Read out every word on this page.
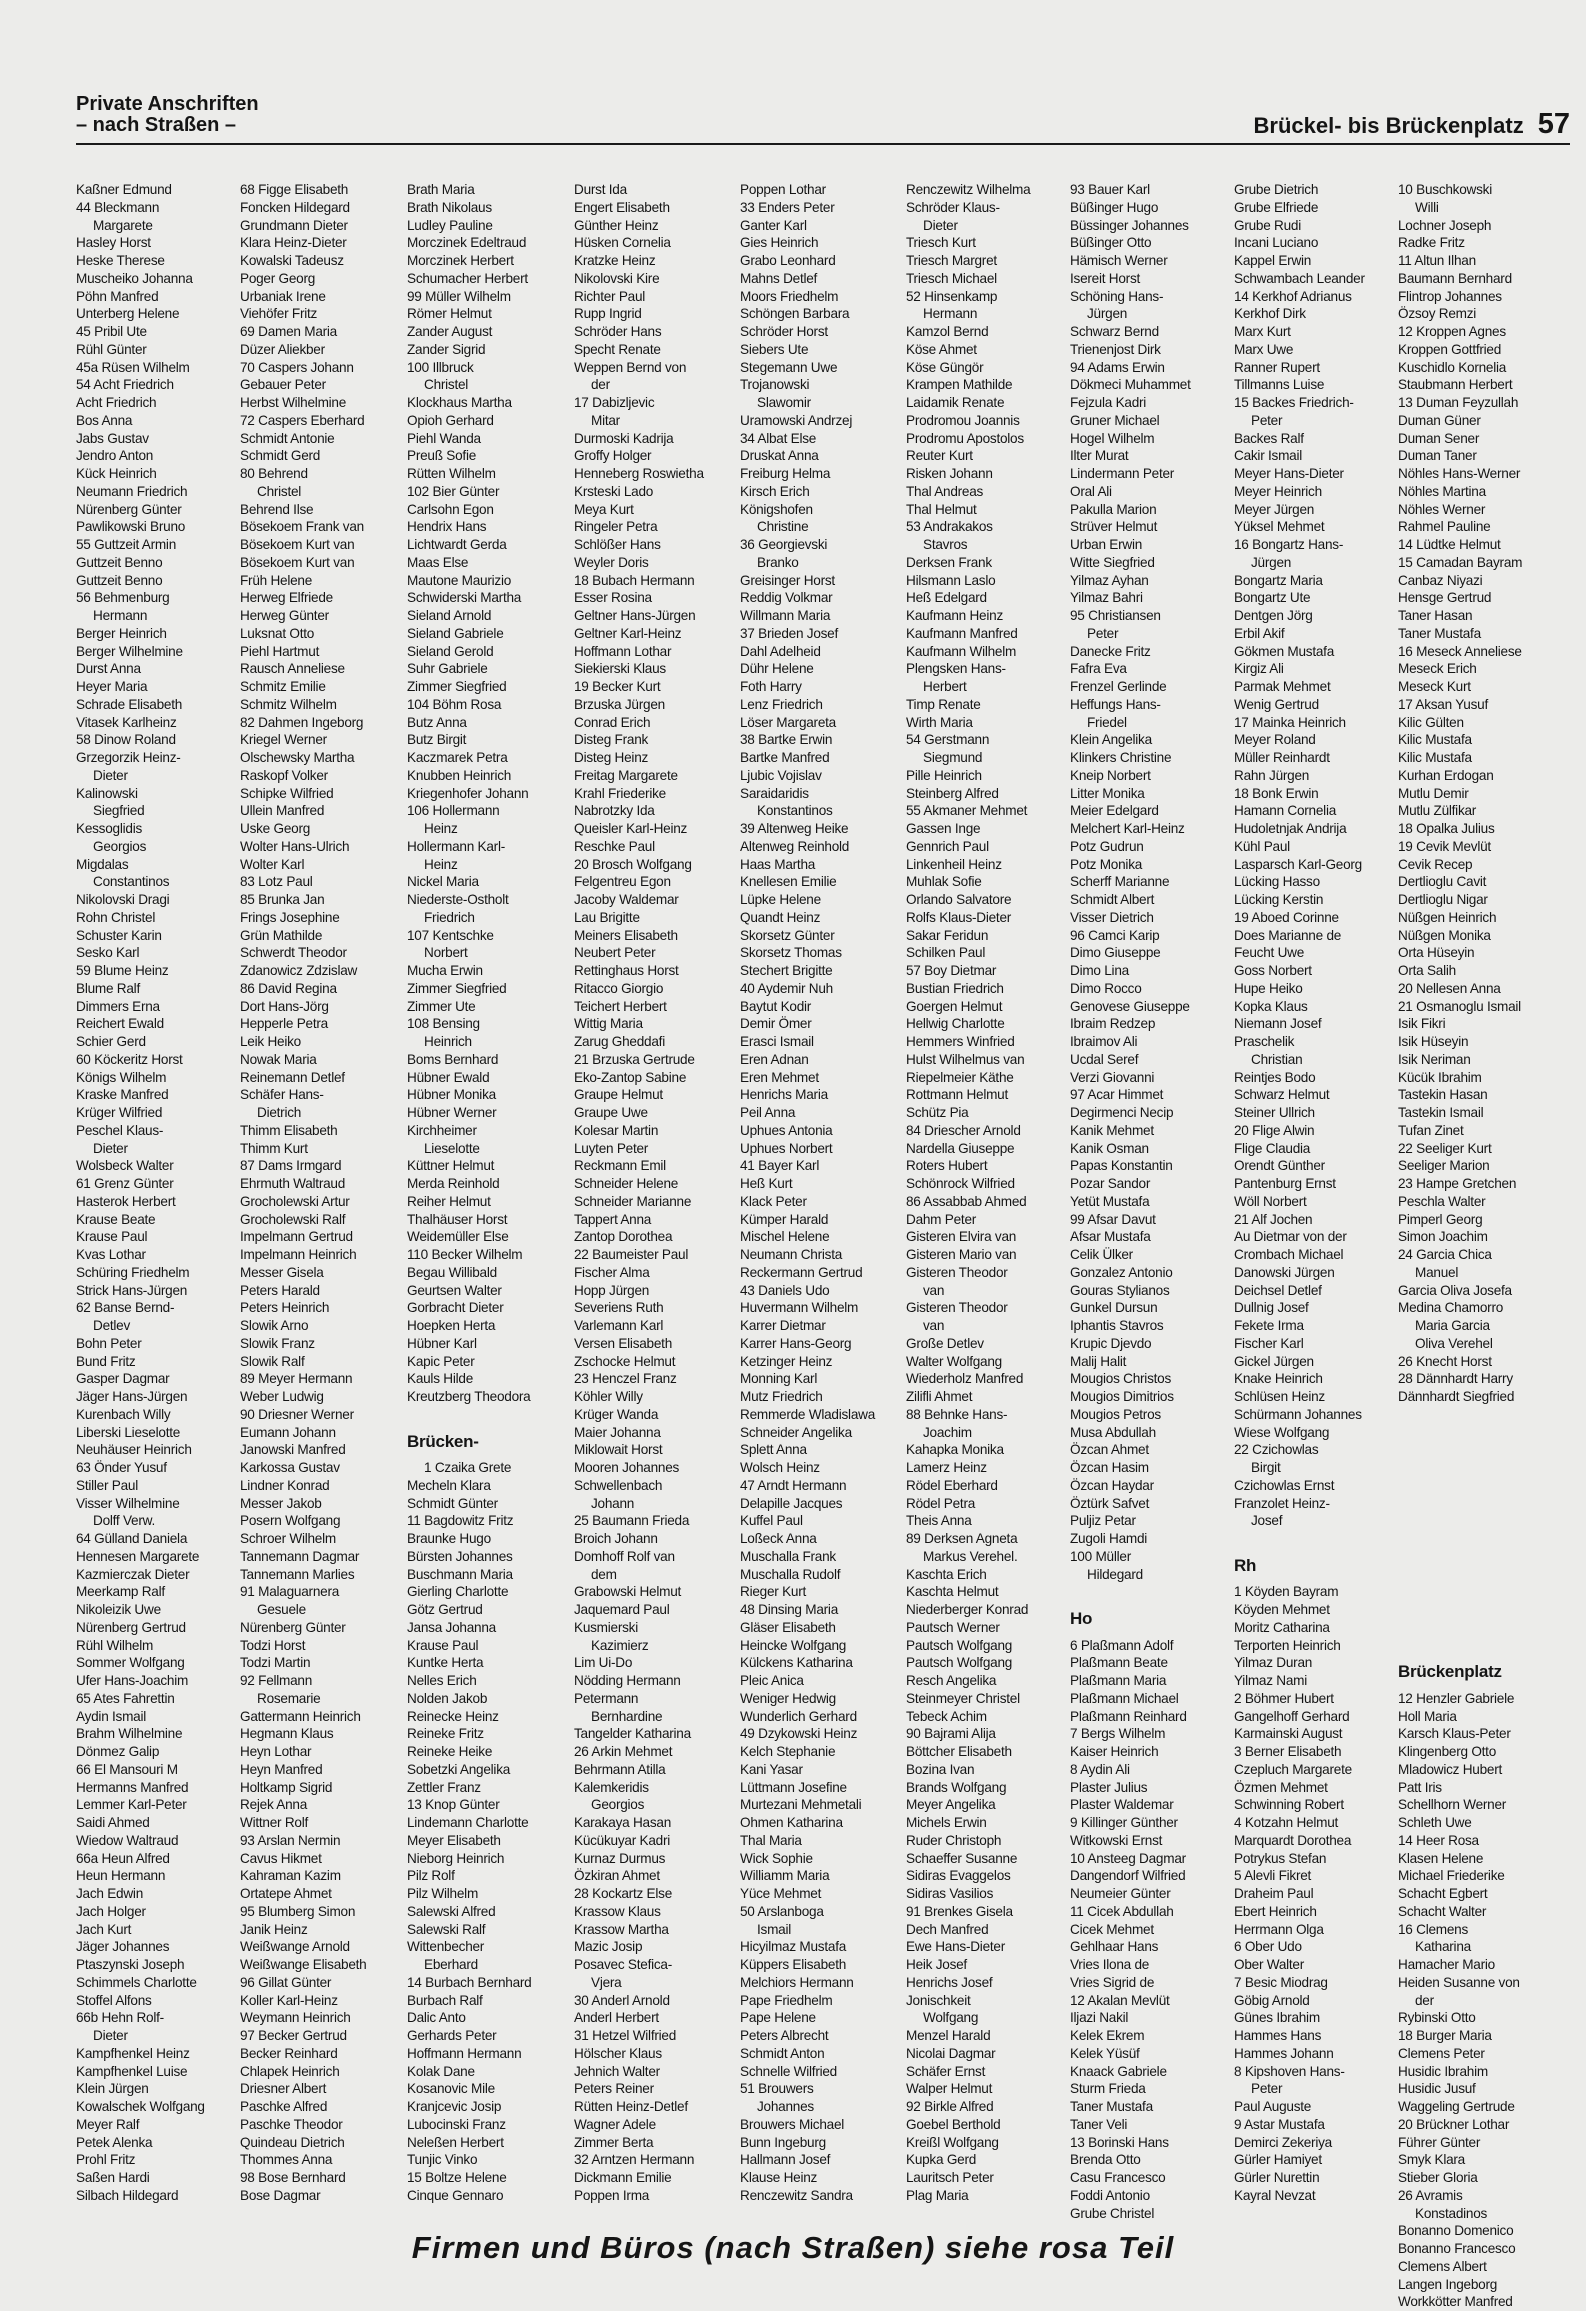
Private Anschriften
– nach Straßen –	Brückel- bis Brückenplatz 57
Kaßner Edmund
44 Bleckmann
Margarete
Hasley Horst
Heske Therese
Muscheiko Johanna
Pöhn Manfred
Unterberg Helene
45 Pribil Ute
Rühl Günter
45a Rüsen Wilhelm
54 Acht Friedrich
Acht Friedrich
Bos Anna
Jabs Gustav
Jendro Anton
Kück Heinrich
Neumann Friedrich
Nürenberg Günter
Pawlikowski Bruno
55 Guttzeit Armin
Guttzeit Benno
Guttzeit Benno
56 Behmenburg
Hermann
Berger Heinrich
Berger Wilhelmine
Durst Anna
Heyer Maria
Schrade Elisabeth
Vitasek Karlheinz
58 Dinow Roland
Grzegorzik Heinz-
Dieter
Kalinowski
Siegfried
Kessoglidis
Georgios
Migdalas
Constantinos
Nikolovski Dragi
Rohn Christel
Schuster Karin
Sesko Karl
59 Blume Heinz
Blume Ralf
Dimmers Erna
Reichert Ewald
Schier Gerd
60 Köckeritz Horst
Königs Wilhelm
Kraske Manfred
Krüger Wilfried
Peschel Klaus-
Dieter
Wolsbeck Walter
61 Grenz Günter
Hasterok Herbert
Krause Beate
Krause Paul
Kvas Lothar
Schüring Friedhelm
Strick Hans-Jürgen
62 Banse Bernd-
Detlev
Bohn Peter
Bund Fritz
Gasper Dagmar
Jäger Hans-Jürgen
Kurenbach Willy
Liberski Lieselotte
Neuhäuser Heinrich
63 Önder Yusuf
Stiller Paul
Visser Wilhelmine
Dolff Verw.
64 Gülland Daniela
Hennesen Margarete
Kazmierczak Dieter
Meerkamp Ralf
Nikoleizik Uwe
Nürenberg Gertrud
Rühl Wilhelm
Sommer Wolfgang
Ufer Hans-Joachim
65 Ates Fahrettin
Aydin Ismail
Brahm Wilhelmine
Dönmez Galip
66 El Mansouri M
Hermanns Manfred
Lemmer Karl-Peter
Saidi Ahmed
Wiedow Waltraud
66a Heun Alfred
Heun Hermann
Jach Edwin
Jach Holger
Jach Kurt
Jäger Johannes
Ptaszynski Joseph
Schimmels Charlotte
Stoffel Alfons
66b Hehn Rolf-
Dieter
Kampfhenkel Heinz
Kampfhenkel Luise
Klein Jürgen
Kowalschek Wolfgang
Meyer Ralf
Petek Alenka
Prohl Fritz
Saßen Hardi
Silbach Hildegard
68 Figge Elisabeth
Foncken Hildegard
Grundmann Dieter
Klara Heinz-Dieter
Kowalski Tadeusz
Poger Georg
Urbaniak Irene
Viehöfer Fritz
69 Damen Maria
Düzer Aliekber
70 Caspers Johann
Gebauer Peter
Herbst Wilhelmine
72 Caspers Eberhard
Schmidt Antonie
Schmidt Gerd
80 Behrend
Christel
Behrend Ilse
Bösekoem Frank van
Bösekoem Kurt van
Bösekoem Kurt van
Früh Helene
Herweg Elfriede
Herweg Günter
Luksnat Otto
Piehl Hartmut
Rausch Anneliese
Schmitz Emilie
Schmitz Wilhelm
82 Dahmen Ingeborg
Kriegel Werner
Olschewsky Martha
Raskopf Volker
Schipke Wilfried
Ullein Manfred
Uske Georg
Wolter Hans-Ulrich
Wolter Karl
83 Lotz Paul
85 Brunka Jan
Frings Josephine
Grün Mathilde
Schwerdt Theodor
Zdanowicz Zdzislaw
86 David Regina
Dort Hans-Jörg
Hepperle Petra
Leik Heiko
Nowak Maria
Reinemann Detlef
Schäfer Hans-
Dietrich
Thimm Elisabeth
Thimm Kurt
87 Dams Irmgard
Ehrmuth Waltraud
Grocholewski Artur
Grocholewski Ralf
Impelmann Gertrud
Impelmann Heinrich
Messer Gisela
Peters Harald
Peters Heinrich
Slowik Arno
Slowik Franz
Slowik Ralf
89 Meyer Hermann
Weber Ludwig
90 Driesner Werner
Eumann Johann
Janowski Manfred
Karkossa Gustav
Lindner Konrad
Messer Jakob
Posern Wolfgang
Schroer Wilhelm
Tannemann Dagmar
Tannemann Marlies
91 Malaguarnera
Gesuele
Nürenberg Günter
Todzi Horst
Todzi Martin
92 Fellmann
Rosemarie
Gattermann Heinrich
Hegmann Klaus
Heyn Lothar
Heyn Manfred
Holtkamp Sigrid
Rejek Anna
Wittner Rolf
93 Arslan Nermin
Cavus Hikmet
Kahraman Kazim
Ortatepe Ahmet
95 Blumberg Simon
Janik Heinz
Weißwange Arnold
Weißwange Elisabeth
96 Gillat Günter
Koller Karl-Heinz
Weymann Heinrich
97 Becker Gertrud
Becker Reinhard
Chlapek Heinrich
Driesner Albert
Paschke Alfred
Paschke Theodor
Quindeau Dietrich
Thommes Anna
98 Bose Bernhard
Bose Dagmar
Brath Maria
Brath Nikolaus
Ludley Pauline
Morczinek Edeltraud
Morczinek Herbert
Schumacher Herbert
99 Müller Wilhelm
Römer Helmut
Zander August
Zander Sigrid
100 Illbruck
Christel
Klockhaus Martha
Opioh Gerhard
Piehl Wanda
Preuß Sofie
Rütten Wilhelm
102 Bier Günter
Carlsohn Egon
Hendrix Hans
Lichtwardt Gerda
Maas Else
Mautone Maurizio
Schwiderski Martha
Sieland Arnold
Sieland Gabriele
Sieland Gerold
Suhr Gabriele
Zimmer Siegfried
104 Böhm Rosa
Butz Anna
Butz Birgit
Kaczmarek Petra
Knubben Heinrich
Kriegenhofer Johann
106 Hollermann
Heinz
Hollermann Karl-
Heinz
Nickel Maria
Niederste-Ostholt
Friedrich
107 Kentschke
Norbert
Mucha Erwin
Zimmer Siegfried
Zimmer Ute
108 Bensing
Heinrich
Boms Bernhard
Hübner Ewald
Hübner Monika
Hübner Werner
Kirchheimer
Lieselotte
Küttner Helmut
Merda Reinhold
Reiher Helmut
Thalhäuser Horst
Weidemüller Else
110 Becker Wilhelm
Begau Willibald
Geurtsen Walter
Gorbracht Dieter
Hoepken Herta
Hübner Karl
Kapic Peter
Kauls Hilde
Kreutzberg Theodora
Brücken-
1 Czaika Grete
Mecheln Klara
Schmidt Günter
11 Bagdowitz Fritz
Braunke Hugo
Bürsten Johannes
Buschmann Maria
Gierling Charlotte
Götz Gertrud
Jansa Johanna
Krause Paul
Kuntke Herta
Nelles Erich
Nolden Jakob
Reinecke Heinz
Reineke Fritz
Reineke Heike
Sobetzki Angelika
Zettler Franz
13 Knop Günter
Lindemann Charlotte
Meyer Elisabeth
Nieborg Heinrich
Pilz Rolf
Pilz Wilhelm
Salewski Alfred
Salewski Ralf
Wittenbecher
Eberhard
14 Burbach Bernhard
Burbach Ralf
Dalic Anto
Gerhards Peter
Hoffmann Hermann
Kolak Dane
Kosanovic Mile
Kranjcevic Josip
Lubocinski Franz
Neleßen Herbert
Tunjic Vinko
15 Boltze Helene
Cinque Gennaro
Durst Ida
Engert Elisabeth
Günther Heinz
Hüsken Cornelia
Kratzke Heinz
Nikolovski Kire
Richter Paul
Rupp Ingrid
Schröder Hans
Specht Renate
Weppen Bernd von
der
17 Dabizljevic
Mitar
Durmoski Kadrija
Groffy Holger
Henneberg Roswietha
Krsteski Lado
Meya Kurt
Ringeler Petra
Schlößer Hans
Weyler Doris
18 Bubach Hermann
Esser Rosina
Geltner Hans-Jürgen
Geltner Karl-Heinz
Hoffmann Lothar
Siekierski Klaus
19 Becker Kurt
Brzuska Jürgen
Conrad Erich
Disteg Frank
Disteg Heinz
Freitag Margarete
Krahl Friederike
Nabrotzky Ida
Queisler Karl-Heinz
Reschke Paul
20 Brosch Wolfgang
Felgentreu Egon
Jacoby Waldemar
Lau Brigitte
Meiners Elisabeth
Neubert Peter
Rettinghaus Horst
Ritacco Giorgio
Teichert Herbert
Wittig Maria
Zarug Gheddafi
21 Brzuska Gertrude
Eko-Zantop Sabine
Graupe Helmut
Graupe Uwe
Kolesar Martin
Luyten Peter
Reckmann Emil
Schneider Helene
Schneider Marianne
Tappert Anna
Zantop Dorothea
22 Baumeister Paul
Fischer Alma
Hopp Jürgen
Severiens Ruth
Varlemann Karl
Versen Elisabeth
Zschocke Helmut
23 Henczel Franz
Köhler Willy
Krüger Wanda
Maier Johanna
Miklowait Horst
Mooren Johannes
Schwellenbach
Johann
25 Baumann Frieda
Broich Johann
Domhoff Rolf van
dem
Grabowski Helmut
Jaquemard Paul
Kusmierski
Kazimierz
Lim Ui-Do
Nödding Hermann
Petermann
Bernhardine
Tangelder Katharina
26 Arkin Mehmet
Behrmann Atilla
Kalemkeridis
Georgios
Karakaya Hasan
Kücükuyar Kadri
Kurnaz Durmus
Özkiran Ahmet
28 Kockartz Else
Krassow Klaus
Krassow Martha
Mazic Josip
Posavec Stefica-
Vjera
30 Anderl Arnold
Anderl Herbert
31 Hetzel Wilfried
Hölscher Klaus
Jehnich Walter
Peters Reiner
Rütten Heinz-Detlef
Wagner Adele
Zimmer Berta
32 Arntzen Hermann
Dickmann Emilie
Poppen Irma
Poppen Lothar
33 Enders Peter
Ganter Karl
Gies Heinrich
Grabo Leonhard
Mahns Detlef
Moors Friedhelm
Schöngen Barbara
Schröder Horst
Siebers Ute
Stegemann Uwe
Trojanowski
Slawomir
Uramowski Andrzej
34 Albat Else
Druskat Anna
Freiburg Helma
Kirsch Erich
Königshofen
Christine
36 Georgievski
Branko
Greisinger Horst
Reddig Volkmar
Willmann Maria
37 Brieden Josef
Dahl Adelheid
Dühr Helene
Foth Harry
Lenz Friedrich
Löser Margareta
38 Bartke Erwin
Bartke Manfred
Ljubic Vojislav
Saraidaridis
Konstantinos
39 Altenweg Heike
Altenweg Reinhold
Haas Martha
Knellesen Emilie
Lüpke Helene
Quandt Heinz
Skorsetz Günter
Skorsetz Thomas
Stechert Brigitte
40 Aydemir Nuh
Baytut Kodir
Demir Ömer
Erasci Ismail
Eren Adnan
Eren Mehmet
Henrichs Maria
Peil Anna
Uphues Antonia
Uphues Norbert
41 Bayer Karl
Heß Kurt
Klack Peter
Kümper Harald
Mischel Helene
Neumann Christa
Reckermann Gertrud
43 Daniels Udo
Huvermann Wilhelm
Karrer Dietmar
Karrer Hans-Georg
Ketzinger Heinz
Monning Karl
Mutz Friedrich
Remmerde Wladislawa
Schneider Angelika
Splett Anna
Wolsch Heinz
47 Arndt Hermann
Delapille Jacques
Kuffel Paul
Loßeck Anna
Muschalla Frank
Muschalla Rudolf
Rieger Kurt
48 Dinsing Maria
Gläser Elisabeth
Heincke Wolfgang
Külckens Katharina
Pleic Anica
Weniger Hedwig
Wunderlich Gerhard
49 Dzykowski Heinz
Kelch Stephanie
Kani Yasar
Lüttmann Josefine
Murtezani Mehmetali
Ohmen Katharina
Thal Maria
Wick Sophie
Williamm Maria
Yüce Mehmet
50 Arslanboga
Ismail
Hicyilmaz Mustafa
Küppers Elisabeth
Melchiors Hermann
Pape Friedhelm
Pape Helene
Peters Albrecht
Schmidt Anton
Schnelle Wilfried
51 Brouwers
Johannes
Brouwers Michael
Bunn Ingeburg
Hallmann Josef
Klause Heinz
Renczewitz Sandra
Renczewitz Wilhelma
Schröder Klaus-
Dieter
Triesch Kurt
Triesch Margret
Triesch Michael
52 Hinsenkamp
Hermann
Kamzol Bernd
Köse Ahmet
Köse Güngör
Krampen Mathilde
Laidamik Renate
Prodromou Joannis
Prodromu Apostolos
Reuter Kurt
Risken Johann
Thal Andreas
Thal Helmut
53 Andrakakos
Stavros
Derksen Frank
Hilsmann Laslo
Heß Edelgard
Kaufmann Heinz
Kaufmann Manfred
Kaufmann Wilhelm
Plengsken Hans-
Herbert
Timp Renate
Wirth Maria
54 Gerstmann
Siegmund
Pille Heinrich
Steinberg Alfred
55 Akmaner Mehmet
Gassen Inge
Gennrich Paul
Linkenheil Heinz
Muhlak Sofie
Orlando Salvatore
Rolfs Klaus-Dieter
Sakar Feridun
Schilken Paul
57 Boy Dietmar
Bustian Friedrich
Goergen Helmut
Hellwig Charlotte
Hemmers Winfried
Hulst Wilhelmus van
Riepelmeier Käthe
Rottmann Helmut
Schütz Pia
84 Driescher Arnold
Nardella Giuseppe
Roters Hubert
Schönrock Wilfried
86 Assabbab Ahmed
Dahm Peter
Gisteren Elvira van
Gisteren Mario van
Gisteren Theodor
van
Gisteren Theodor
van
Große Detlev
Walter Wolfgang
Wiederholz Manfred
Zilifli Ahmet
88 Behnke Hans-
Joachim
Kahapka Monika
Lamerz Heinz
Rödel Eberhard
Rödel Petra
Theis Anna
89 Derksen Agneta
Markus Verehel.
Kaschta Erich
Kaschta Helmut
Niederberger Konrad
Pautsch Werner
Pautsch Wolfgang
Pautsch Wolfgang
Resch Angelika
Steinmeyer Christel
Tebeck Achim
90 Bajrami Alija
Böttcher Elisabeth
Bozina Ivan
Brands Wolfgang
Meyer Angelika
Michels Erwin
Ruder Christoph
Schaeffer Susanne
Sidiras Evaggelos
Sidiras Vasilios
91 Brenkes Gisela
Dech Manfred
Ewe Hans-Dieter
Heik Josef
Henrichs Josef
Jonischkeit
Wolfgang
Menzel Harald
Nicolai Dagmar
Schäfer Ernst
Walper Helmut
92 Birkle Alfred
Goebel Berthold
Kreißl Wolfgang
Kupka Gerd
Lauritsch Peter
Plag Maria
93 Bauer Karl
Büßinger Hugo
Büssinger Johannes
Büßinger Otto
Hämisch Werner
Isereit Horst
Schöning Hans-
Jürgen
Schwarz Bernd
Trienenjost Dirk
94 Adams Erwin
Dökmeci Muhammet
Fejzula Kadri
Gruner Michael
Hogel Wilhelm
Ilter Murat
Lindermann Peter
Oral Ali
Pakulla Marion
Strüver Helmut
Urban Erwin
Witte Siegfried
Yilmaz Ayhan
Yilmaz Bahri
95 Christiansen
Peter
Danecke Fritz
Fafra Eva
Frenzel Gerlinde
Heffungs Hans-
Friedel
Klein Angelika
Klinkers Christine
Kneip Norbert
Litter Monika
Meier Edelgard
Melchert Karl-Heinz
Potz Gudrun
Potz Monika
Scherff Marianne
Schmidt Albert
Visser Dietrich
96 Camci Karip
Dimo Giuseppe
Dimo Lina
Dimo Rocco
Genovese Giuseppe
Ibraim Redzep
Ibraimov Ali
Ucdal Seref
Verzi Giovanni
97 Acar Himmet
Degirmenci Necip
Kanik Mehmet
Kanik Osman
Papas Konstantin
Pozar Sandor
Yetüt Mustafa
99 Afsar Davut
Afsar Mustafa
Celik Ülker
Gonzalez Antonio
Gouras Stylianos
Gunkel Dursun
Iphantis Stavros
Krupic Djevdo
Malij Halit
Mougios Christos
Mougios Dimitrios
Mougios Petros
Musa Abdullah
Özcan Ahmet
Özcan Hasim
Özcan Haydar
Öztürk Safvet
Puljiz Petar
Zugoli Hamdi
100 Müller
Hildegard
Ho
6 Plaßmann Adolf
Plaßmann Beate
Plaßmann Maria
Plaßmann Michael
Plaßmann Reinhard
7 Bergs Wilhelm
Kaiser Heinrich
8 Aydin Ali
Plaster Julius
Plaster Waldemar
9 Killinger Günther
Witkowski Ernst
10 Ansteeg Dagmar
Dangendorf Wilfried
Neumeier Günter
11 Cicek Abdullah
Cicek Mehmet
Gehlhaar Hans
Vries Ilona de
Vries Sigrid de
12 Akalan Mevlüt
Iljazi Nakil
Kelek Ekrem
Kelek Yüsüf
Knaack Gabriele
Sturm Frieda
Taner Mustafa
Taner Veli
13 Borinski Hans
Brenda Otto
Casu Francesco
Foddi Antonio
Grube Christel
Grube Dietrich
Grube Elfriede
Grube Rudi
Incani Luciano
Kappel Erwin
Schwambach Leander
14 Kerkhof Adrianus
Kerkhof Dirk
Marx Kurt
Marx Uwe
Ranner Rupert
Tillmanns Luise
15 Backes Friedrich-
Peter
Backes Ralf
Cakir Ismail
Meyer Hans-Dieter
Meyer Heinrich
Meyer Jürgen
Yüksel Mehmet
16 Bongartz Hans-
Jürgen
Bongartz Maria
Bongartz Ute
Dentgen Jörg
Erbil Akif
Gökmen Mustafa
Kirgiz Ali
Parmak Mehmet
Wenig Gertrud
17 Mainka Heinrich
Meyer Roland
Müller Reinhardt
Rahn Jürgen
18 Bonk Erwin
Hamann Cornelia
Hudoletnjak Andrija
Kühl Paul
Lasparsch Karl-Georg
Lücking Hasso
Lücking Kerstin
19 Aboed Corinne
Does Marianne de
Feucht Uwe
Goss Norbert
Hupe Heiko
Kopka Klaus
Niemann Josef
Praschelik
Christian
Reintjes Bodo
Schwarz Helmut
Steiner Ullrich
20 Flige Alwin
Flige Claudia
Orendt Günther
Pantenburg Ernst
Wöll Norbert
21 Alf Jochen
Au Dietmar von der
Crombach Michael
Danowski Jürgen
Deichsel Detlef
Dullnig Josef
Fekete Irma
Fischer Karl
Gickel Jürgen
Knake Heinrich
Schlüsen Heinz
Schürmann Johannes
Wiese Wolfgang
22 Czichowlas
Birgit
Czichowlas Ernst
Franzolet Heinz-
Josef
Rh
1 Köyden Bayram
Köyden Mehmet
Moritz Catharina
Terporten Heinrich
Yilmaz Duran
Yilmaz Nami
2 Böhmer Hubert
Gangelhoff Gerhard
Karmainski August
3 Berner Elisabeth
Czepluch Margarete
Özmen Mehmet
Schwinning Robert
4 Kotzahn Helmut
Marquardt Dorothea
Potrykus Stefan
5 Alevli Fikret
Draheim Paul
Ebert Heinrich
Herrmann Olga
6 Ober Udo
Ober Walter
7 Besic Miodrag
Göbig Arnold
Günes Ibrahim
Hammes Hans
Hammes Johann
8 Kipshoven Hans-
Peter
Paul Auguste
9 Astar Mustafa
Demirci Zekeriya
Gürler Hamiyet
Gürler Nurettin
Kayral Nevzat
10 Buschkowski
Willi
Lochner Joseph
Radke Fritz
11 Altun Ilhan
Baumann Bernhard
Flintrop Johannes
Özsoy Remzi
12 Kroppen Agnes
Kroppen Gottfried
Kuschidlo Kornelia
Staubmann Herbert
13 Duman Feyzullah
Duman Güner
Duman Sener
Duman Taner
Nöhles Hans-Werner
Nöhles Martina
Nöhles Werner
Rahmel Pauline
14 Lüdtke Helmut
15 Camadan Bayram
Canbaz Niyazi
Hensge Gertrud
Taner Hasan
Taner Mustafa
16 Meseck Anneliese
Meseck Erich
Meseck Kurt
17 Aksan Yusuf
Kilic Gülten
Kilic Mustafa
Kilic Mustafa
Kurhan Erdogan
Mutlu Demir
Mutlu Zülfikar
18 Opalka Julius
19 Cevik Mevlüt
Cevik Recep
Dertlioglu Cavit
Dertlioglu Nigar
Nüßgen Heinrich
Nüßgen Monika
Orta Hüseyin
Orta Salih
20 Nellesen Anna
21 Osmanoglu Ismail
Isik Fikri
Isik Hüseyin
Isik Neriman
Kücük Ibrahim
Tastekin Hasan
Tastekin Ismail
Tufan Zinet
22 Seeliger Kurt
Seeliger Marion
23 Hampe Gretchen
Peschla Walter
Pimperl Georg
Simon Joachim
24 Garcia Chica
Manuel
Garcia Oliva Josefa
Medina Chamorro
Maria Garcia
Oliva Verehel
26 Knecht Horst
28 Dännhardt Harry
Dännhardt Siegfried
Brückenplatz
12 Henzler Gabriele
Holl Maria
Karsch Klaus-Peter
Klingenberg Otto
Mladowicz Hubert
Patt Iris
Schellhorn Werner
Schleth Uwe
14 Heer Rosa
Klasen Helene
Michael Friederike
Schacht Egbert
Schacht Walter
16 Clemens
Katharina
Hamacher Mario
Heiden Susanne von
der
Rybinski Otto
18 Burger Maria
Clemens Peter
Husidic Ibrahim
Husidic Jusuf
Waggeling Gertrude
20 Brückner Lothar
Führer Günter
Smyk Klara
Stieber Gloria
26 Avramis
Konstadinos
Bonanno Domenico
Bonanno Francesco
Clemens Albert
Langen Ingeborg
Workkötter Manfred
Firmen und Büros (nach Straßen) siehe rosa Teil
